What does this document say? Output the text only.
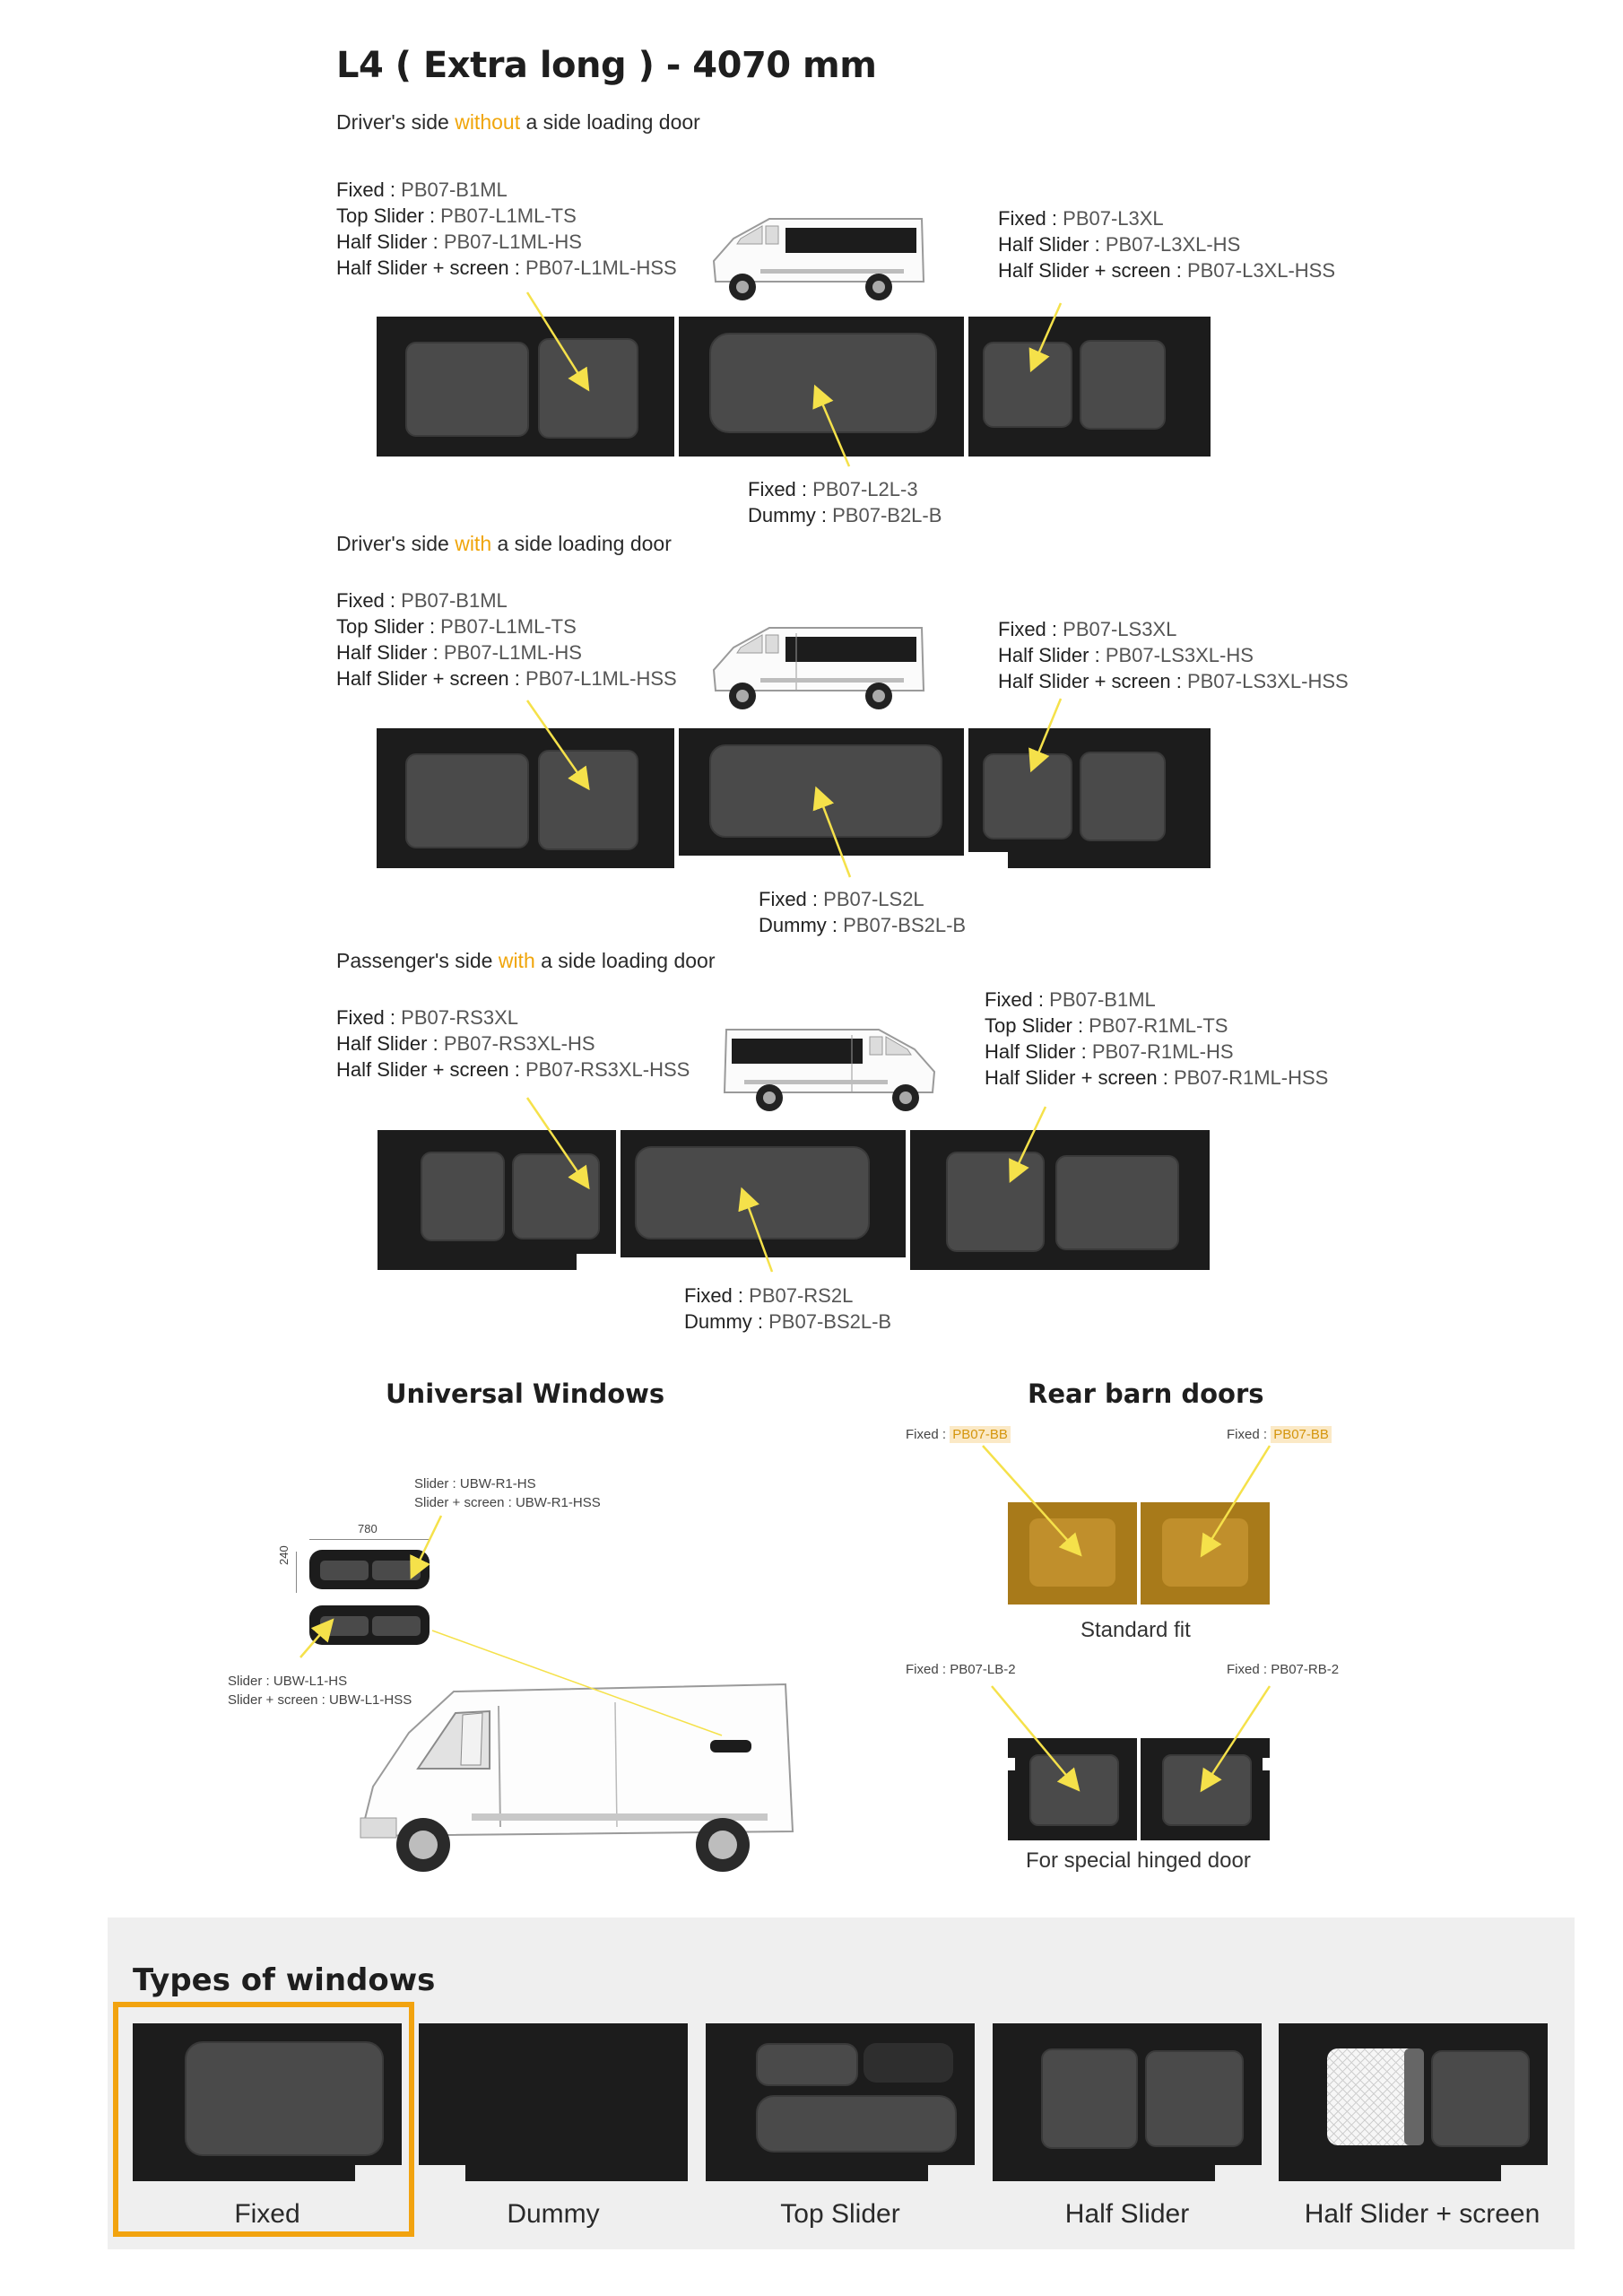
L4 ( Extra long ) - 4070 mm
Driver's side without a side loading door
Fixed : PB07-B1ML
Top Slider : PB07-L1ML-TS
Half Slider : PB07-L1ML-HS
Half Slider + screen : PB07-L1ML-HSS
Fixed : PB07-L3XL
Half Slider : PB07-L3XL-HS
Half Slider + screen : PB07-L3XL-HSS
Fixed : PB07-L2L-3
Dummy : PB07-B2L-B
Driver's side with a side loading door
Fixed : PB07-B1ML
Top Slider : PB07-L1ML-TS
Half Slider : PB07-L1ML-HS
Half Slider + screen : PB07-L1ML-HSS
Fixed : PB07-LS3XL
Half Slider : PB07-LS3XL-HS
Half Slider + screen : PB07-LS3XL-HSS
Fixed : PB07-LS2L
Dummy : PB07-BS2L-B
Passenger's side with a side loading door
Fixed : PB07-RS3XL
Half Slider : PB07-RS3XL-HS
Half Slider + screen : PB07-RS3XL-HSS
Fixed : PB07-B1ML
Top Slider : PB07-R1ML-TS
Half Slider : PB07-R1ML-HS
Half Slider + screen : PB07-R1ML-HSS
Fixed : PB07-RS2L
Dummy : PB07-BS2L-B
Universal Windows
Slider : UBW-R1-HS
Slider + screen : UBW-R1-HSS
Slider : UBW-L1-HS
Slider + screen : UBW-L1-HSS
780
240
Rear barn doors
Fixed : PB07-BB	Fixed : PB07-BB
Standard fit
Fixed : PB07-LB-2	Fixed : PB07-RB-2
For special hinged door
Types of windows
Fixed	Dummy	Top Slider	Half Slider	Half Slider + screen
